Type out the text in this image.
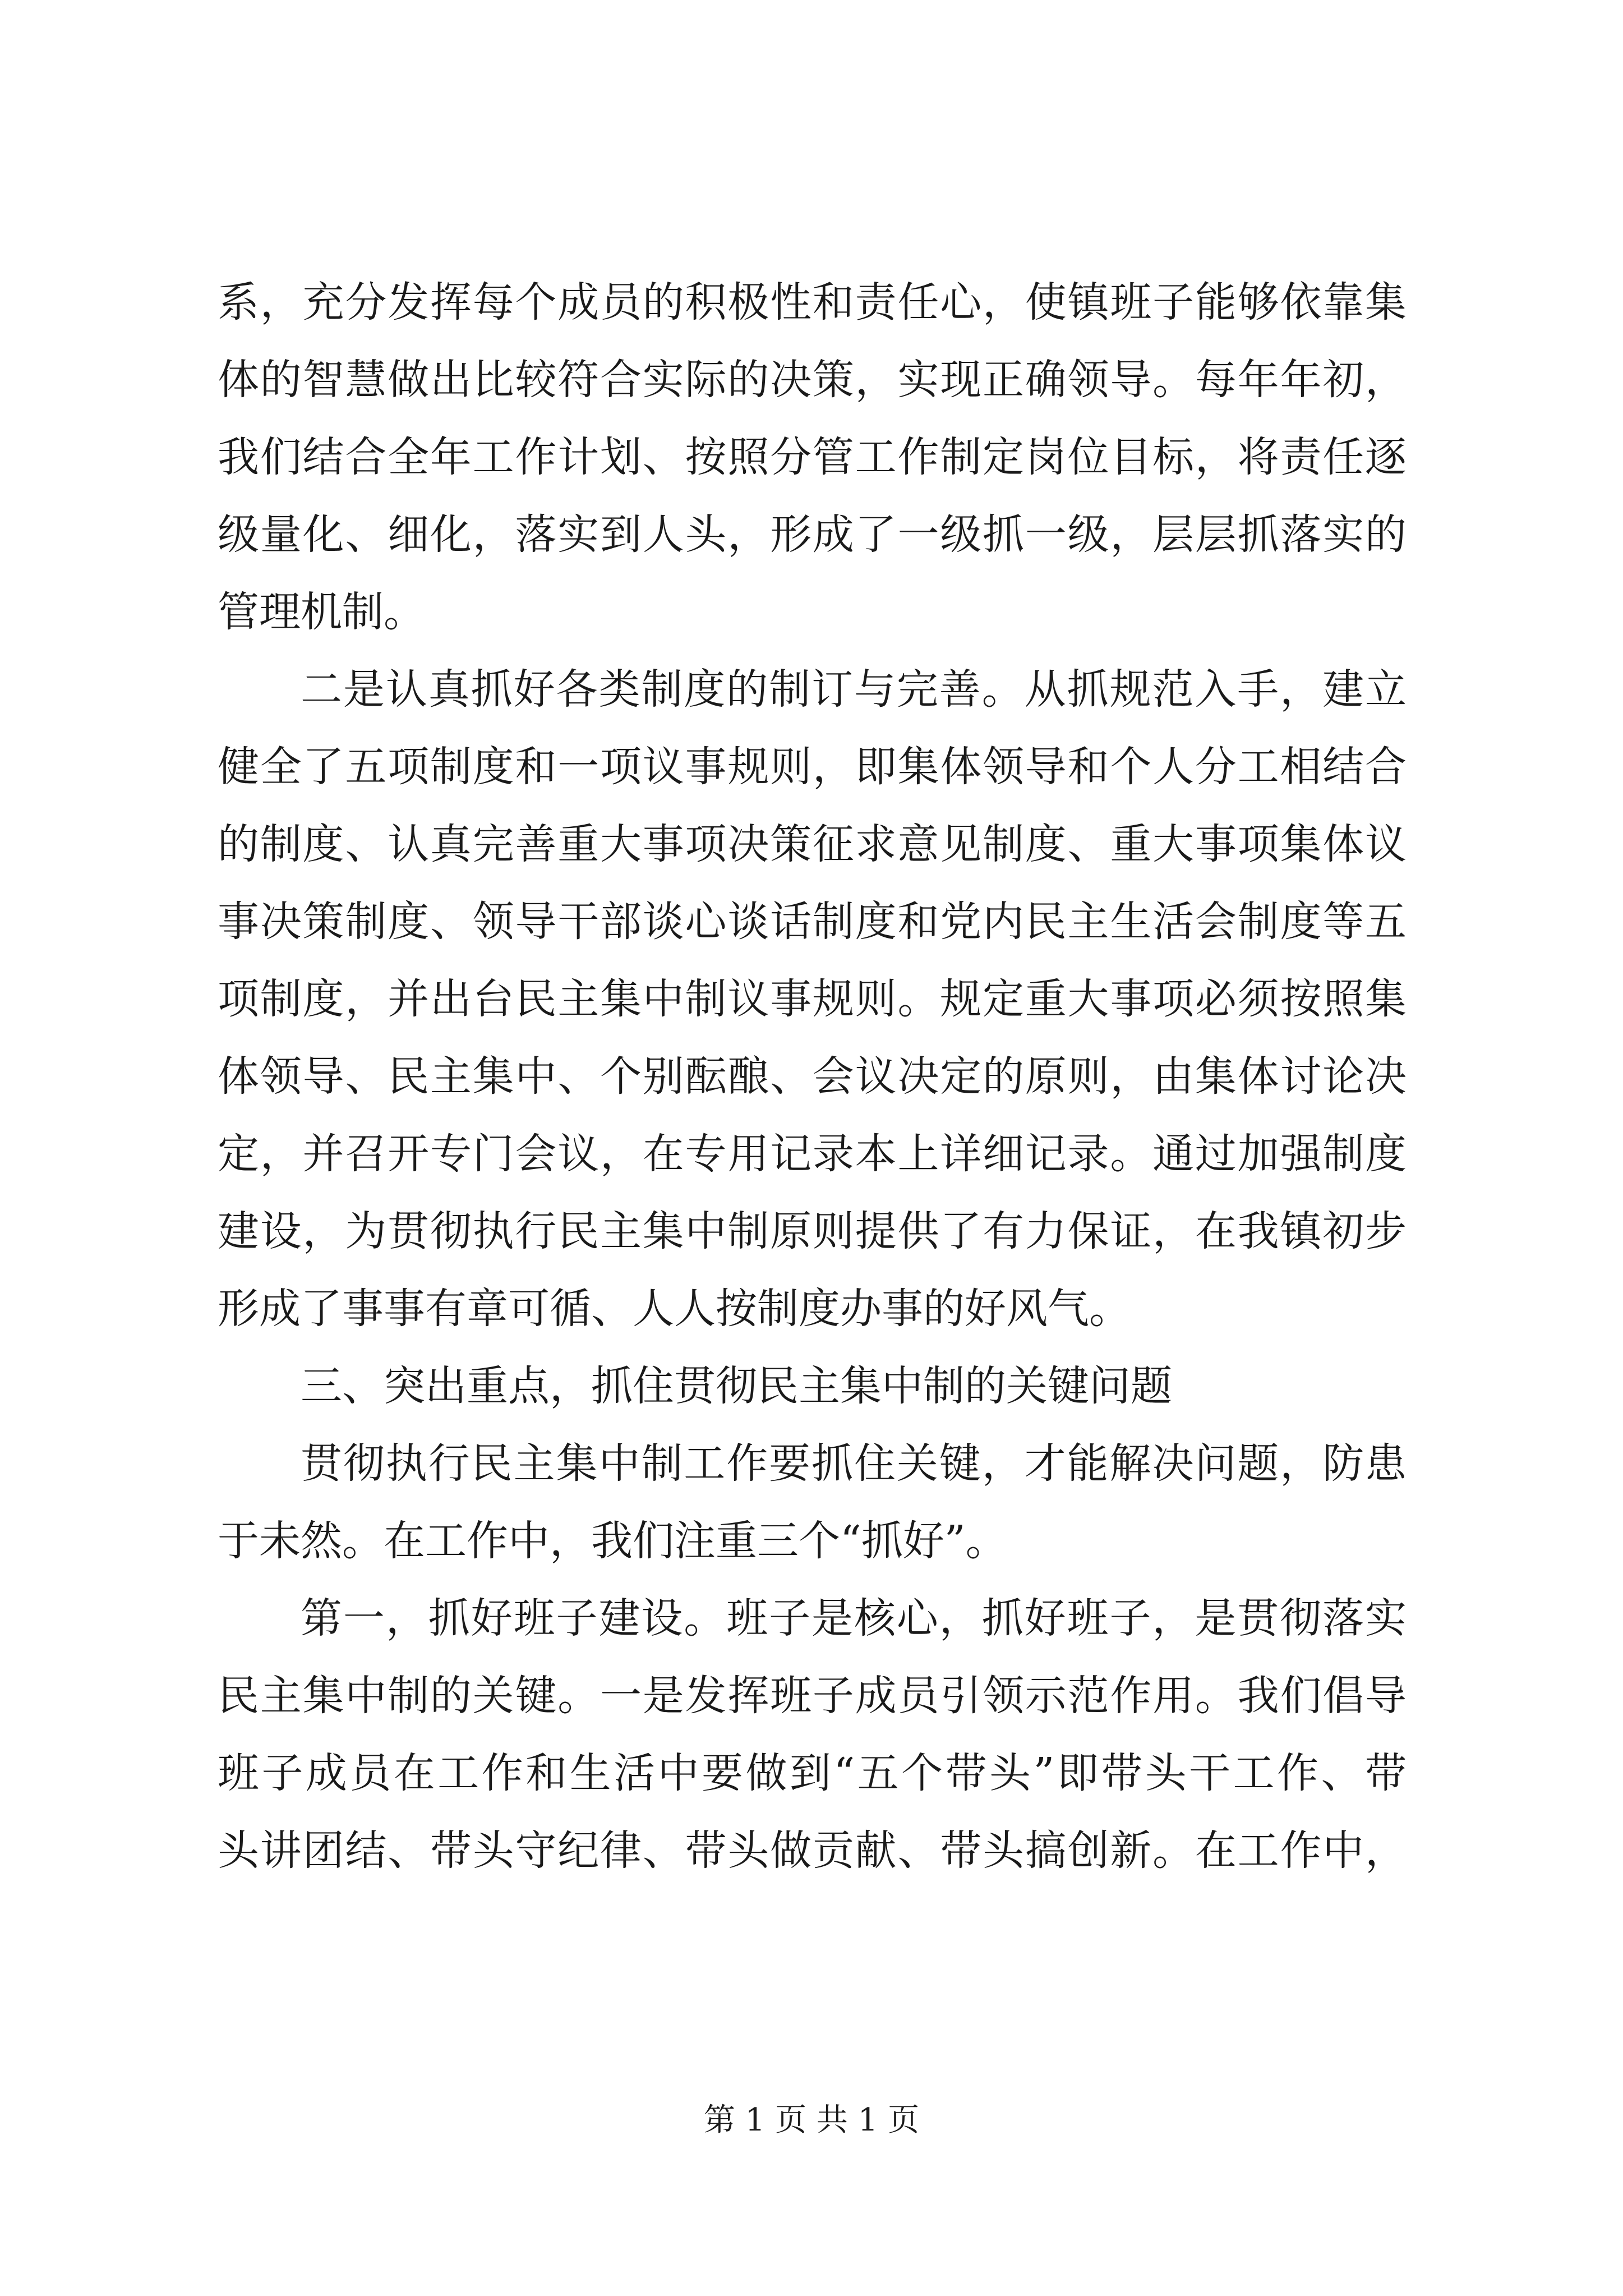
系，充分发挥每个成员的积极性和责任心，使镇班子能够依靠集
体的智慧做出比较符合实际的决策，实现正确领导。每年年初，
我们结合全年工作计划、按照分管工作制定岗位目标，将责任逐
级量化、细化，落实到人头，形成了一级抓一级，层层抓落实的
管理机制。
二是认真抓好各类制度的制订与完善。从抓规范入手，建立
健全了五项制度和一项议事规则，即集体领导和个人分工相结合
的制度、认真完善重大事项决策征求意见制度、重大事项集体议
事决策制度、领导干部谈心谈话制度和党内民主生活会制度等五
项制度，并出台民主集中制议事规则。规定重大事项必须按照集
体领导、民主集中、个别酝酿、会议决定的原则，由集体讨论决
定，并召开专门会议，在专用记录本上详细记录。通过加强制度
建设，为贯彻执行民主集中制原则提供了有力保证，在我镇初步
形成了事事有章可循、人人按制度办事的好风气。
三、突出重点，抓住贯彻民主集中制的关键问题
贯彻执行民主集中制工作要抓住关键，才能解决问题，防患
于未然。在工作中，我们注重三个“抓好”。
第一，抓好班子建设。班子是核心，抓好班子，是贯彻落实
民主集中制的关键。一是发挥班子成员引领示范作用。我们倡导
班子成员在工作和生活中要做到“五个带头”即带头干工作、带
头讲团结、带头守纪律、带头做贡献、带头搞创新。在工作中，
第 1 页 共 1 页
